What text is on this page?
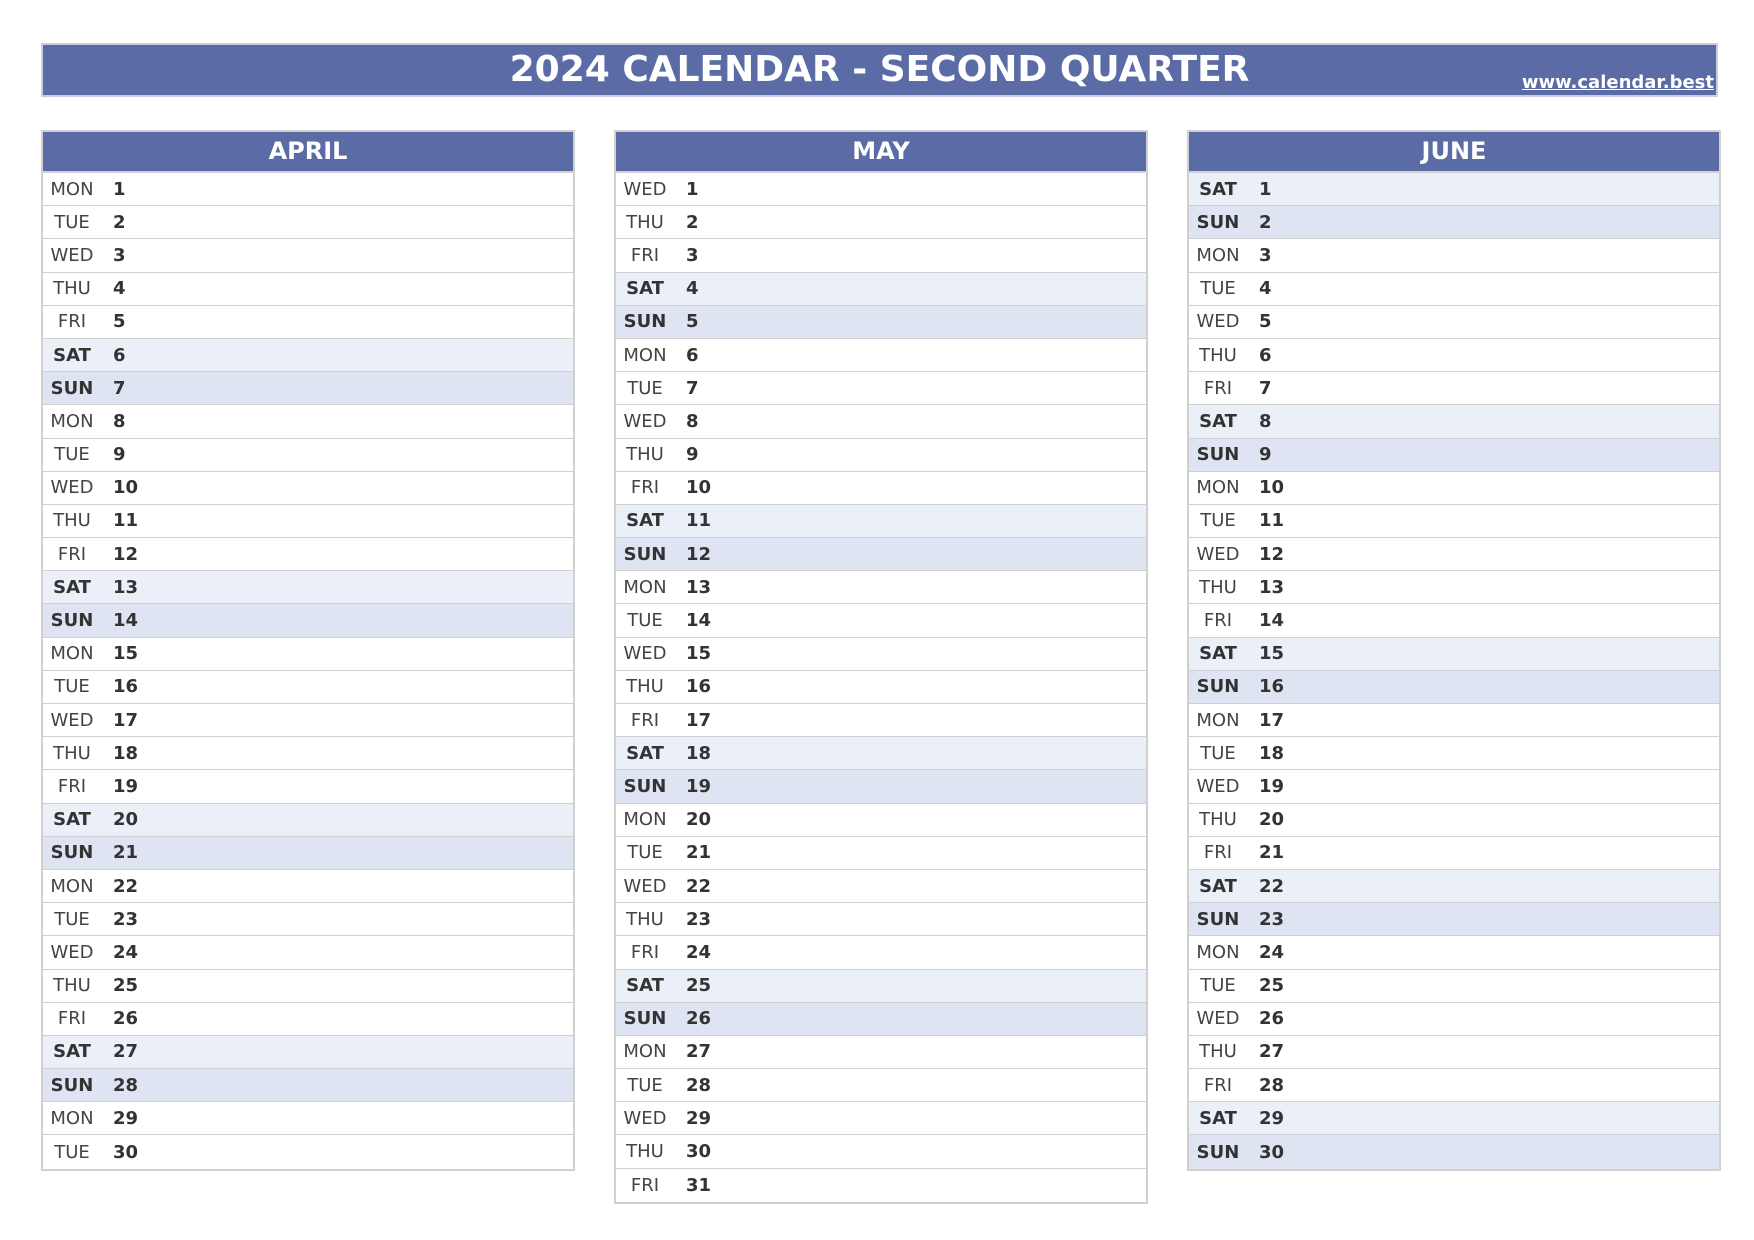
2024 CALENDAR - SECOND QUARTER	www.calendar.best
APRIL
MON	1
TUE	2
WED	3
THU	4
FRI	5
SAT	6
SUN	7
MON	8
TUE	9
WED	10
THU	11
FRI	12
SAT	13
SUN	14
MON	15
TUE	16
WED	17
THU	18
FRI	19
SAT	20
SUN	21
MON	22
TUE	23
WED	24
THU	25
FRI	26
SAT	27
SUN	28
MON	29
TUE	30
MAY
WED	1
THU	2
FRI	3
SAT	4
SUN	5
MON	6
TUE	7
WED	8
THU	9
FRI	10
SAT	11
SUN	12
MON	13
TUE	14
WED	15
THU	16
FRI	17
SAT	18
SUN	19
MON	20
TUE	21
WED	22
THU	23
FRI	24
SAT	25
SUN	26
MON	27
TUE	28
WED	29
THU	30
FRI	31
JUNE
SAT	1
SUN	2
MON	3
TUE	4
WED	5
THU	6
FRI	7
SAT	8
SUN	9
MON	10
TUE	11
WED	12
THU	13
FRI	14
SAT	15
SUN	16
MON	17
TUE	18
WED	19
THU	20
FRI	21
SAT	22
SUN	23
MON	24
TUE	25
WED	26
THU	27
FRI	28
SAT	29
SUN	30
